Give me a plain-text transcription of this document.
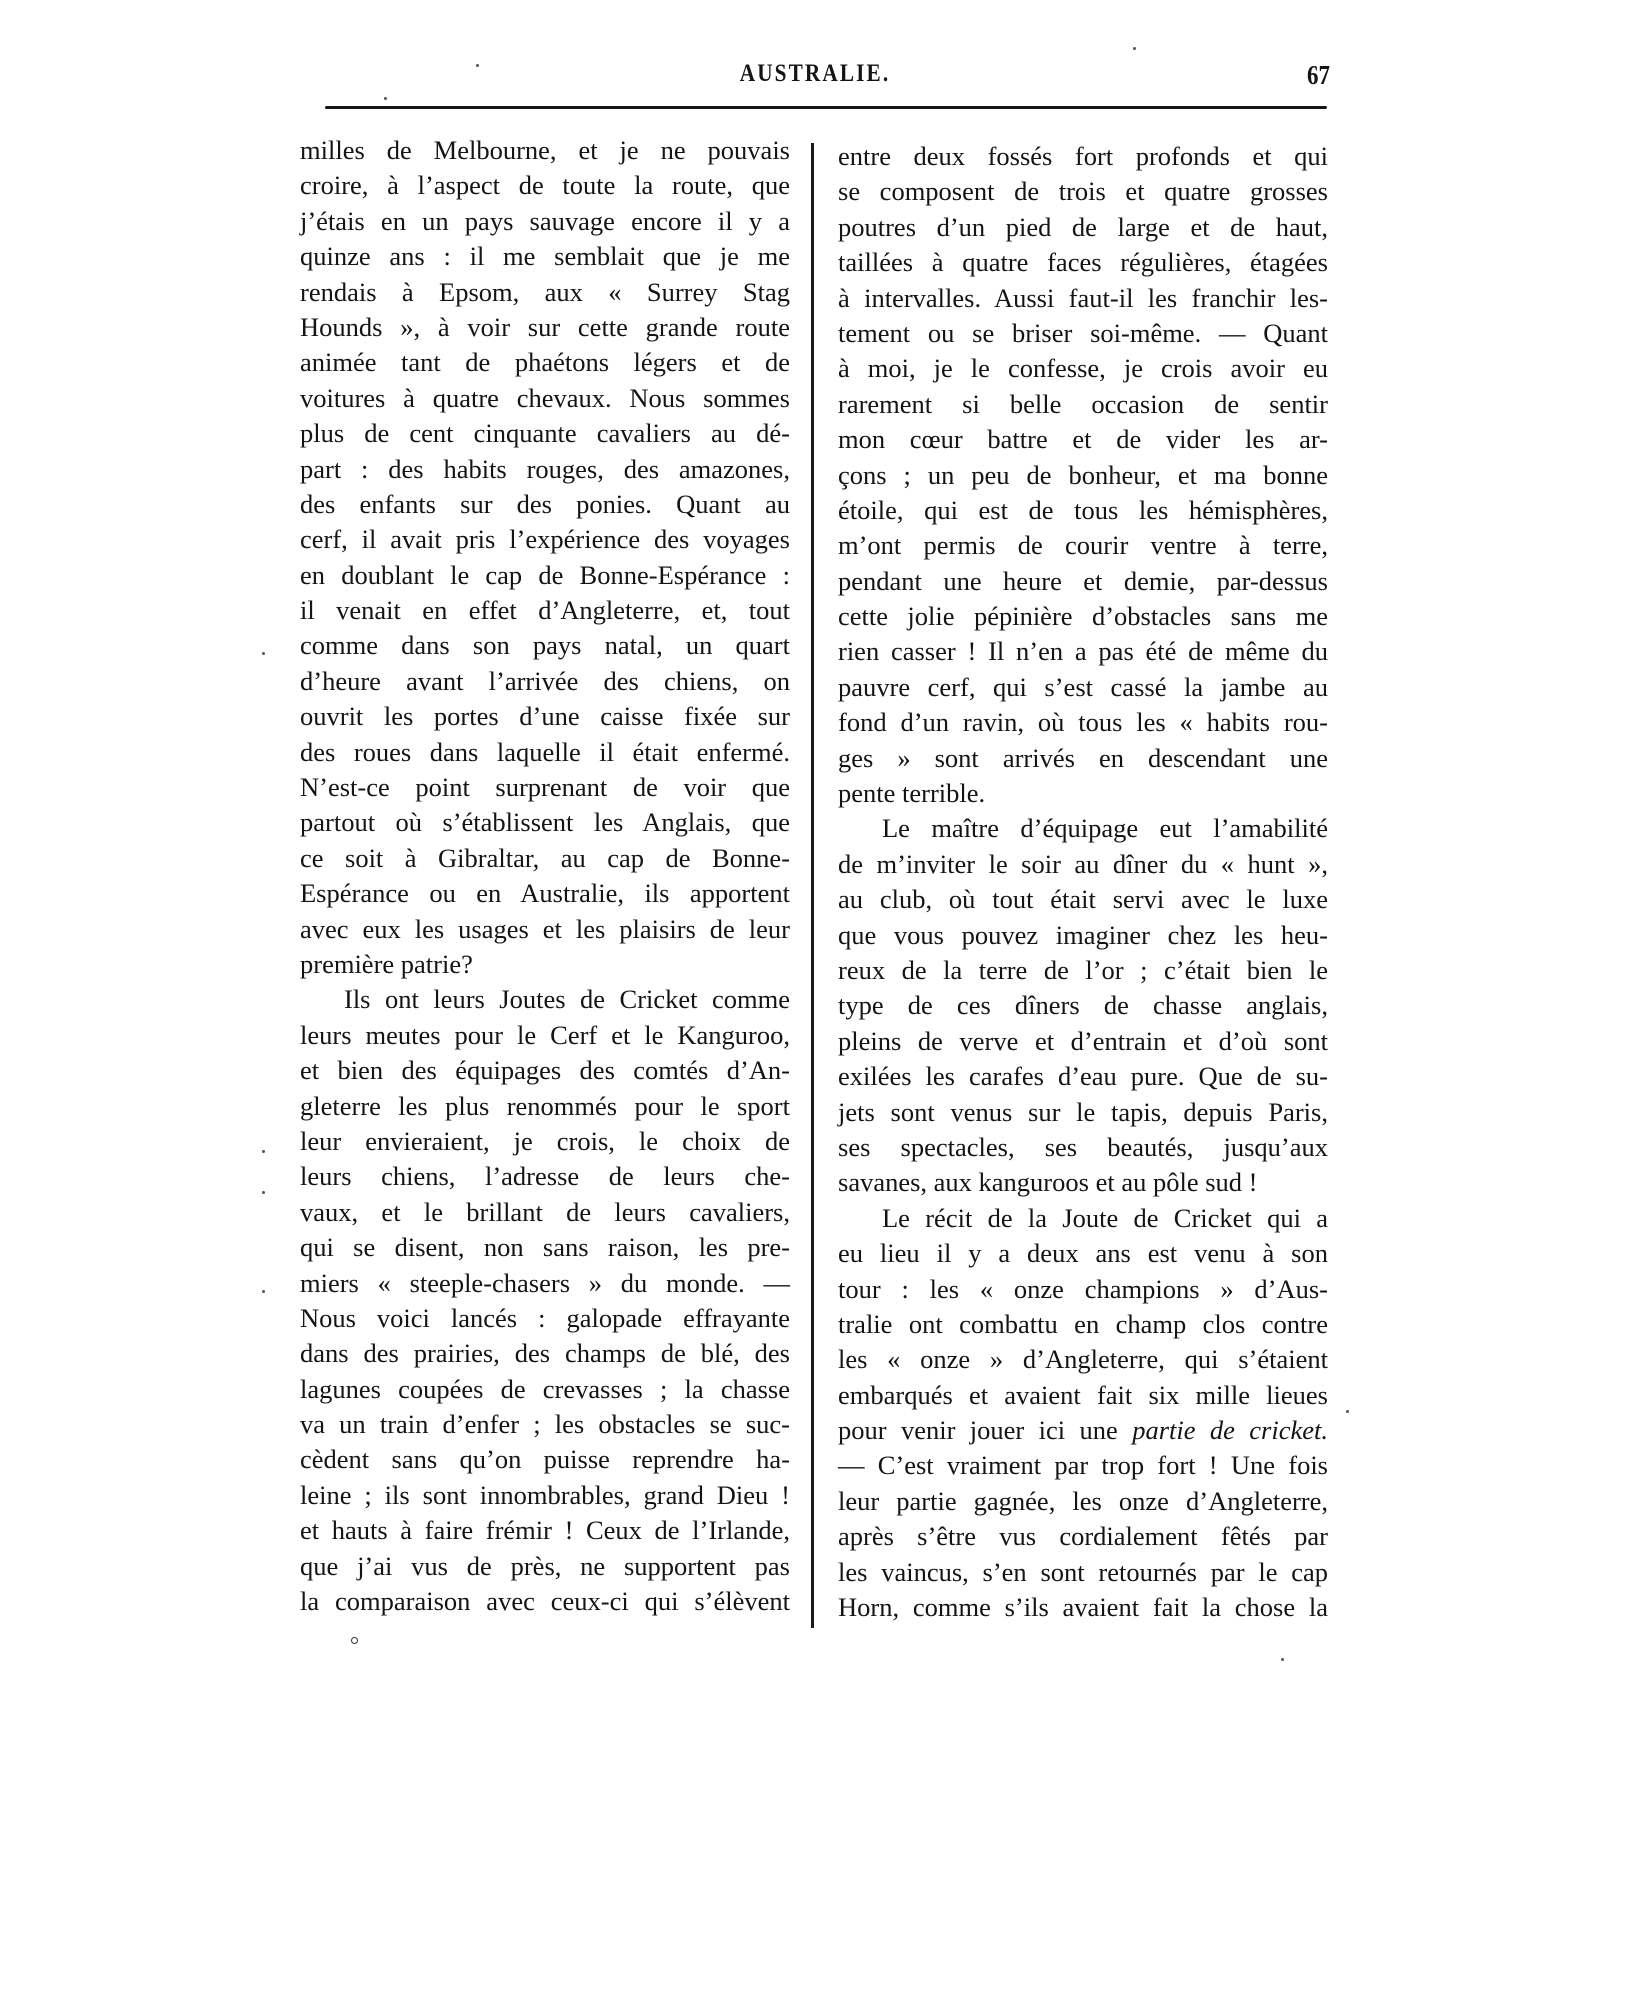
AUSTRALIE.	67
milles de Melbourne, et je ne pouvais
croire, à l’aspect de toute la route, que
j’étais en un pays sauvage encore il y a
quinze ans : il me semblait que je me
rendais à Epsom, aux « Surrey Stag
Hounds », à voir sur cette grande route
animée tant de phaétons légers et de
voitures à quatre chevaux. Nous sommes
plus de cent cinquante cavaliers au dé-
part : des habits rouges, des amazones,
des enfants sur des ponies. Quant au
cerf, il avait pris l’expérience des voyages
en doublant le cap de Bonne-Espérance :
il venait en effet d’Angleterre, et, tout
comme dans son pays natal, un quart
d’heure avant l’arrivée des chiens, on
ouvrit les portes d’une caisse fixée sur
des roues dans laquelle il était enfermé.
N’est-ce point surprenant de voir que
partout où s’établissent les Anglais, que
ce soit à Gibraltar, au cap de Bonne-
Espérance ou en Australie, ils apportent
avec eux les usages et les plaisirs de leur
première patrie?
Ils ont leurs Joutes de Cricket comme
leurs meutes pour le Cerf et le Kanguroo,
et bien des équipages des comtés d’An-
gleterre les plus renommés pour le sport
leur envieraient, je crois, le choix de
leurs chiens, l’adresse de leurs che-
vaux, et le brillant de leurs cavaliers,
qui se disent, non sans raison, les pre-
miers « steeple-chasers » du monde. —
Nous voici lancés : galopade effrayante
dans des prairies, des champs de blé, des
lagunes coupées de crevasses ; la chasse
va un train d’enfer ; les obstacles se suc-
cèdent sans qu’on puisse reprendre ha-
leine ; ils sont innombrables, grand Dieu !
et hauts à faire frémir ! Ceux de l’Irlande,
que j’ai vus de près, ne supportent pas
la comparaison avec ceux-ci qui s’élèvent
entre deux fossés fort profonds et qui
se composent de trois et quatre grosses
poutres d’un pied de large et de haut,
taillées à quatre faces régulières, étagées
à intervalles. Aussi faut-il les franchir les-
tement ou se briser soi-même. — Quant
à moi, je le confesse, je crois avoir eu
rarement si belle occasion de sentir
mon cœur battre et de vider les ar-
çons ; un peu de bonheur, et ma bonne
étoile, qui est de tous les hémisphères,
m’ont permis de courir ventre à terre,
pendant une heure et demie, par-dessus
cette jolie pépinière d’obstacles sans me
rien casser ! Il n’en a pas été de même du
pauvre cerf, qui s’est cassé la jambe au
fond d’un ravin, où tous les « habits rou-
ges » sont arrivés en descendant une
pente terrible.
Le maître d’équipage eut l’amabilité
de m’inviter le soir au dîner du « hunt »,
au club, où tout était servi avec le luxe
que vous pouvez imaginer chez les heu-
reux de la terre de l’or ; c’était bien le
type de ces dîners de chasse anglais,
pleins de verve et d’entrain et d’où sont
exilées les carafes d’eau pure. Que de su-
jets sont venus sur le tapis, depuis Paris,
ses spectacles, ses beautés, jusqu’aux
savanes, aux kanguroos et au pôle sud !
Le récit de la Joute de Cricket qui a
eu lieu il y a deux ans est venu à son
tour : les « onze champions » d’Aus-
tralie ont combattu en champ clos contre
les « onze » d’Angleterre, qui s’étaient
embarqués et avaient fait six mille lieues
pour venir jouer ici une partie de cricket.
— C’est vraiment par trop fort ! Une fois
leur partie gagnée, les onze d’Angleterre,
après s’être vus cordialement fêtés par
les vaincus, s’en sont retournés par le cap
Horn, comme s’ils avaient fait la chose la
